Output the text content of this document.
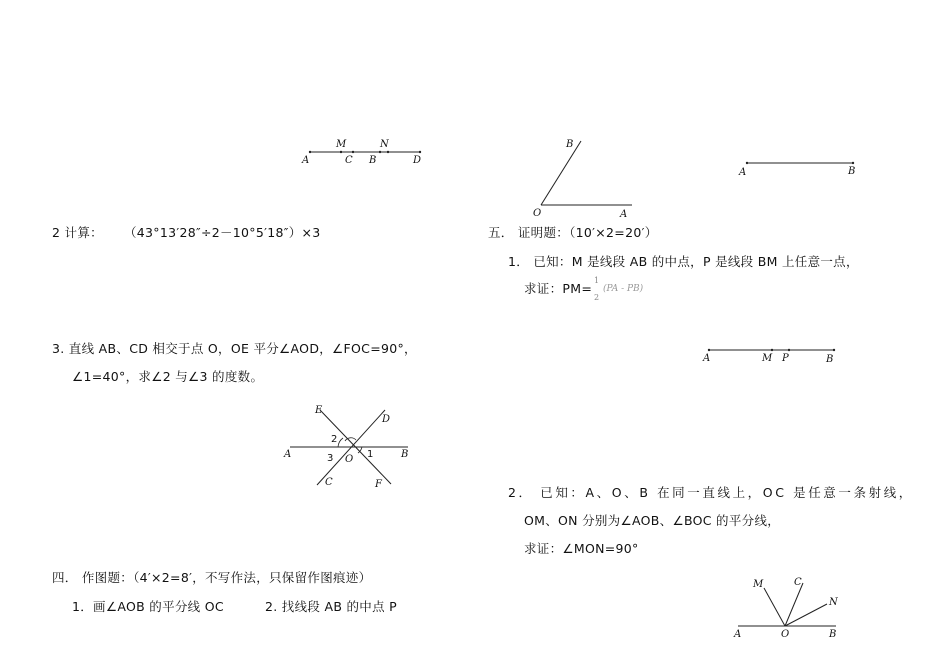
A
M
C
N
B	D
B
O	A
A	B
2 计算： （43°13′28″÷2－10°5′18″）×3	五． 证明题：（10′×2=20′）
1． 已知：M 是线段 AB 的中点，P 是线段 BM 上任意一点，
求证：PM=
1
2
(PA - PB)
3. 直线 AB、CD 相交于点 O，OE 平分∠AOD，∠FOC=90°，
∠1=40°，求∠2 与∠3 的度数。
A	M P	B
E
D
A	B
O
C	F
1
2
3
2． 已知：A、O、B 在同一直线上，OC 是任意一条射线，
OM、ON 分别为∠AOB、∠BOC 的平分线，
求证：∠MON=90°
四． 作图题：（4′×2=8′，不写作法，只保留作图痕迹）
1．画∠AOB 的平分线 OC	2. 找线段 AB 的中点 P
M	C
N
A	O	B
